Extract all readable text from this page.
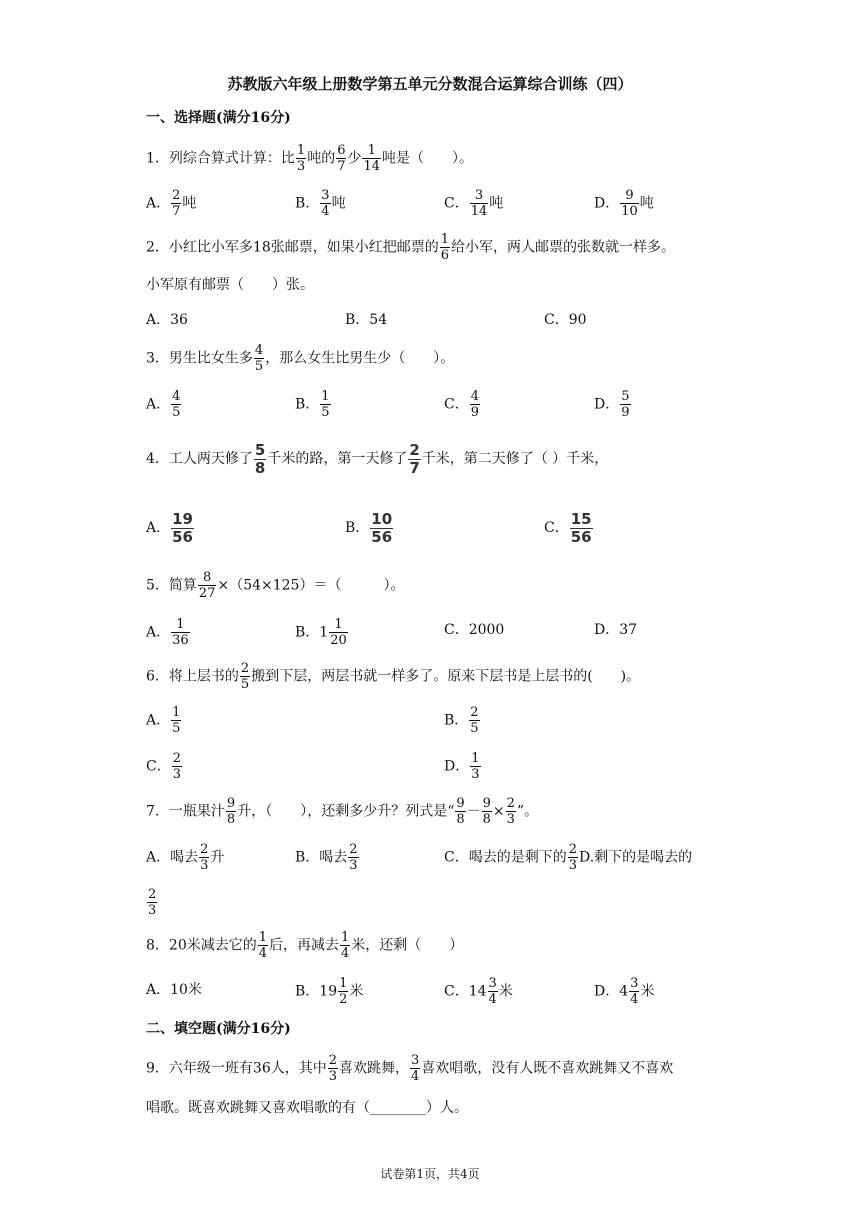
苏教版六年级上册数学第五单元分数混合运算综合训练（四）
一、选择题(满分16分)
1．列综合算式计算：比 $\frac{1}{3}$ 吨的 $\frac{6}{7}$ 少 $\frac{1}{14}$ 吨是（　　）。
A． $\frac{2}{7}$ 吨	B． $\frac{3}{4}$ 吨	C． $\frac{3}{14}$ 吨	D． $\frac{9}{10}$ 吨
2．小红比小军多18张邮票，如果小红把邮票的 $\frac{1}{6}$ 给小军，两人邮票的张数就一样多。
小军原有邮票（　　）张。
A．36	B．54	C．90
3．男生比女生多 $\frac{4}{5}$ ，那么女生比男生少（　　）。
A． $\frac{4}{5}$	B． $\frac{1}{5}$	C． $\frac{4}{9}$	D． $\frac{5}{9}$
4．工人两天修了 $\frac{5}{8}$ 千米的路，第一天修了 $\frac{2}{7}$ 千米，第二天修了（ ）千米，
A． $\frac{19}{56}$	B． $\frac{10}{56}$	C． $\frac{15}{56}$
5．简算 $\frac{8}{27} \times(54\times 125)=$（　　　）。
A． $\frac{1}{36}$	B．$1 \frac{1}{20}$	C．2000	D．37
6．将上层书的 $\frac{2}{5}$ 搬到下层，两层书就一样多了。原来下层书是上层书的(　　)。
A． $\frac{1}{5}$	B． $\frac{2}{5}$
C． $\frac{2}{3}$	D． $\frac{1}{3}$
7．一瓶果汁 $\frac{9}{8}$ 升，（　　），还剩多少升？列式是“ $\frac{9}{8} - \frac{9}{8} \times \frac{2}{3}$ ”。
A．喝去 $\frac{2}{3}$ 升	B．喝去 $\frac{2}{3}$	C．喝去的是剩下的 $\frac{2}{3} D$.剩下的是喝去的
$\frac{2}{3}$
8．20米减去它的 $\frac{1}{4}$ 后，再减去 $\frac{1}{4}$ 米，还剩（　　）
A．10米	B．$19 \frac{1}{2}$ 米	C．$14 \frac{3}{4}$ 米	D．$4 \frac{3}{4}$ 米
二、填空题(满分16分)
9．六年级一班有36人，其中 $\frac{2}{3}$ 喜欢跳舞， $\frac{3}{4}$ 喜欢唱歌，没有人既不喜欢跳舞又不喜欢
唱歌。既喜欢跳舞又喜欢唱歌的有（________）人。
试卷第1页，共4页
